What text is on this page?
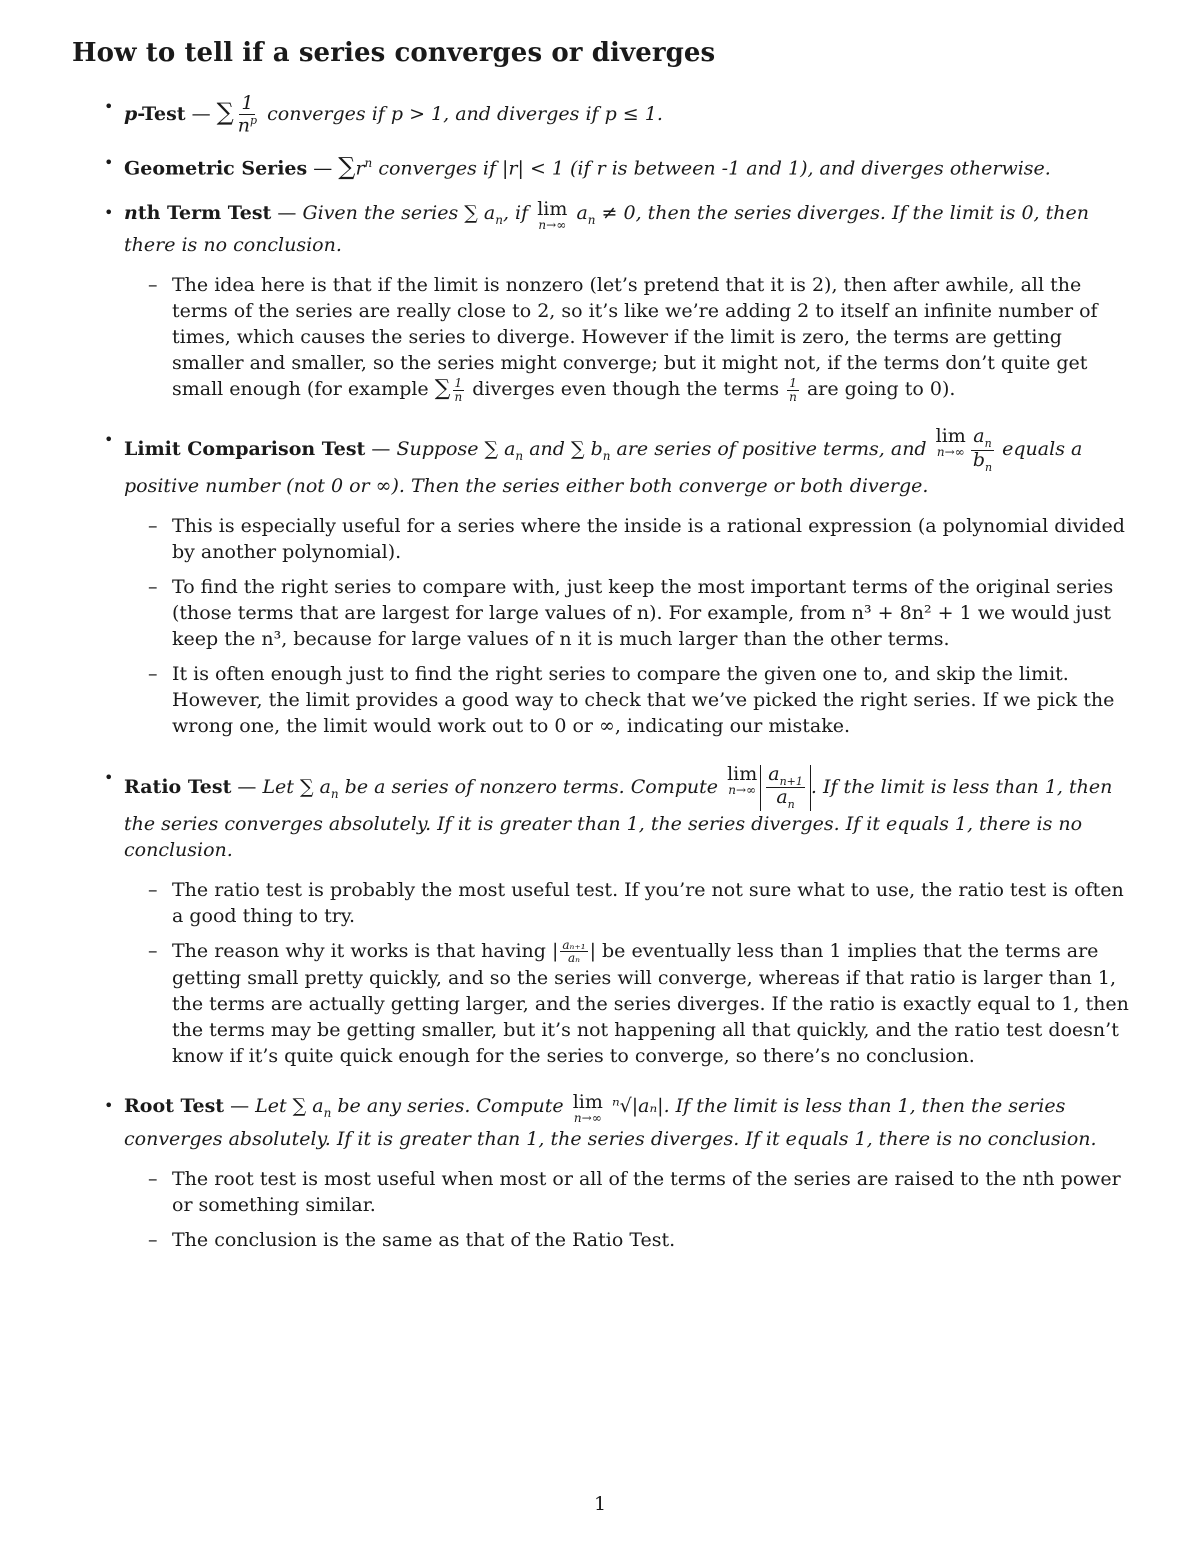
How to tell if a series converges or diverges
• p-Test — ∑ $\frac{1}{n^p}$ converges if p > 1, and diverges if p ≤ 1.
• Geometric Series — $\sum r^n$ converges if |r| < 1 (if r is between -1 and 1), and diverges otherwise.
• nth Term Test — Given the series ∑ $a_n$, if lim
n→∞
$a_n \ne 0$, then the series diverges. If the limit is 0, then there is no conclusion.
– The idea here is that if the limit is nonzero (let’s pretend that it is 2), then after awhile, all the terms of the series are really close to 2, so it’s like we’re adding 2 to itself an infinite number of times, which causes the series to diverge. However if the limit is zero, the terms are getting smaller and smaller, so the series might converge; but it might not, if the terms don’t quite get small enough (for example ∑ $\frac{1}{n}$ diverges even though the terms $\frac{1}{n}$ are going to 0).
• Limit Comparison Test — Suppose ∑ $a_n$ and ∑ $b_n$ are series of positive terms, and
lim
$n\to\infty \frac{a_n}{b_n}$ equals a positive number (not 0 or ∞). Then the series either both converge or both diverge.
– This is especially useful for a series where the inside is a rational expression (a polynomial divided by another polynomial).
– To find the right series to compare with, just keep the most important terms of the original series (those terms that are largest for large values of n). For example, from n³ + 8n² + 1 we would just keep the n³, because for large values of n it is much larger than the other terms.
– It is often enough just to find the right series to compare the given one to, and skip the limit. However, the limit provides a good way to check that we’ve picked the right series. If we pick the wrong one, the limit would work out to 0 or ∞, indicating our mistake.
• Ratio Test — Let ∑ $a_n$ be a series of nonzero terms. Compute
lim
$n\to\infty \frac{a_{n+1}}{a_n}$ . If the limit is less than 1, then the series converges absolutely. If it is greater than 1, the series diverges. If it equals 1, there is no conclusion.
– The ratio test is probably the most useful test. If you’re not sure what to use, the ratio test is often a good thing to try.
– The reason why it works is that having | $\frac{\text{aₙ₊₁}}{\text{aₙ}}$ | be eventually less than 1 implies that the terms are getting small pretty quickly, and so the series will converge, whereas if that ratio is larger than 1, the terms are actually getting larger, and the series diverges. If the ratio is exactly equal to 1, then the terms may be getting smaller, but it’s not happening all that quickly, and the ratio test doesn’t know if it’s quite quick enough for the series to converge, so there’s no conclusion.
• Root Test — Let ∑ $a_n$ be any series. Compute lim
n→∞
ⁿ√|aₙ|. If the limit is less than 1, then the series converges absolutely. If it is greater than 1, the series diverges. If it equals 1, there is no conclusion.
– The root test is most useful when most or all of the terms of the series are raised to the nth power or something similar.
– The conclusion is the same as that of the Ratio Test.
1
